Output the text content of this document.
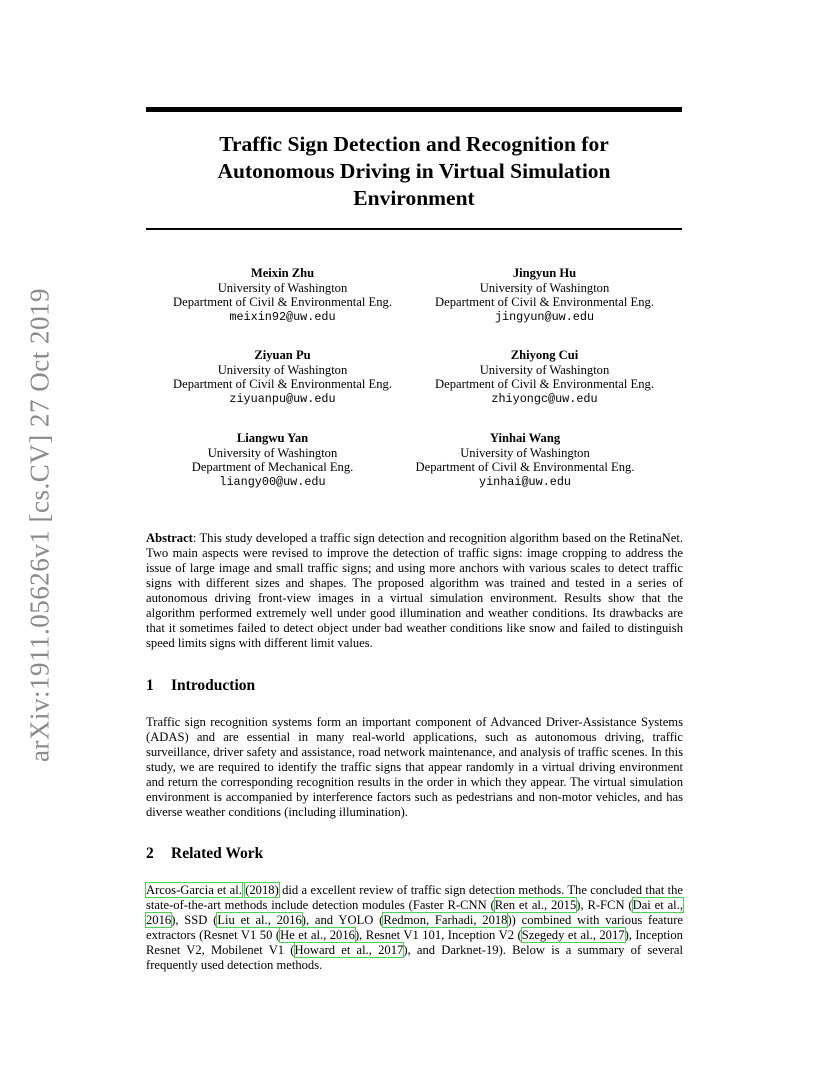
arXiv:1911.05626v1 [cs.CV] 27 Oct 2019
Traffic Sign Detection and Recognition for
Autonomous Driving in Virtual Simulation
Environment
Meixin Zhu
University of Washington
Department of Civil & Environmental Eng.
meixin92@uw.edu
Jingyun Hu
University of Washington
Department of Civil & Environmental Eng.
jingyun@uw.edu
Ziyuan Pu
University of Washington
Department of Civil & Environmental Eng.
ziyuanpu@uw.edu
Zhiyong Cui
University of Washington
Department of Civil & Environmental Eng.
zhiyongc@uw.edu
Liangwu Yan
University of Washington
Department of Mechanical Eng.
liangy00@uw.edu
Yinhai Wang
University of Washington
Department of Civil & Environmental Eng.
yinhai@uw.edu
Abstract: This study developed a traffic sign detection and recognition algorithm based on the RetinaNet. Two main aspects were revised to improve the detection of traffic signs: image cropping to address the issue of large image and small traffic signs; and using more anchors with various scales to detect traffic signs with different sizes and shapes. The proposed algorithm was trained and tested in a series of autonomous driving front-view images in a virtual simulation environment. Results show that the algorithm performed extremely well under good illumination and weather conditions. Its drawbacks are that it sometimes failed to detect object under bad weather conditions like snow and failed to distinguish speed limits signs with different limit values.
1 Introduction
Traffic sign recognition systems form an important component of Advanced Driver-Assistance Systems (ADAS) and are essential in many real-world applications, such as autonomous driving, traffic surveillance, driver safety and assistance, road network maintenance, and analysis of traffic scenes. In this study, we are required to identify the traffic signs that appear randomly in a virtual driving environment and return the corresponding recognition results in the order in which they appear. The virtual simulation environment is accompanied by interference factors such as pedestrians and non-motor vehicles, and has diverse weather conditions (including illumination).
2 Related Work
Arcos-Garcia et al. (2018) did a excellent review of traffic sign detection methods. The concluded that the state-of-the-art methods include detection modules (Faster R-CNN (Ren et al., 2015), R-FCN (Dai et al., 2016), SSD (Liu et al., 2016), and YOLO (Redmon, Farhadi, 2018)) combined with various feature extractors (Resnet V1 50 (He et al., 2016), Resnet V1 101, Inception V2 (Szegedy et al., 2017), Inception Resnet V2, Mobilenet V1 (Howard et al., 2017), and Darknet-19). Below is a summary of several frequently used detection methods.
